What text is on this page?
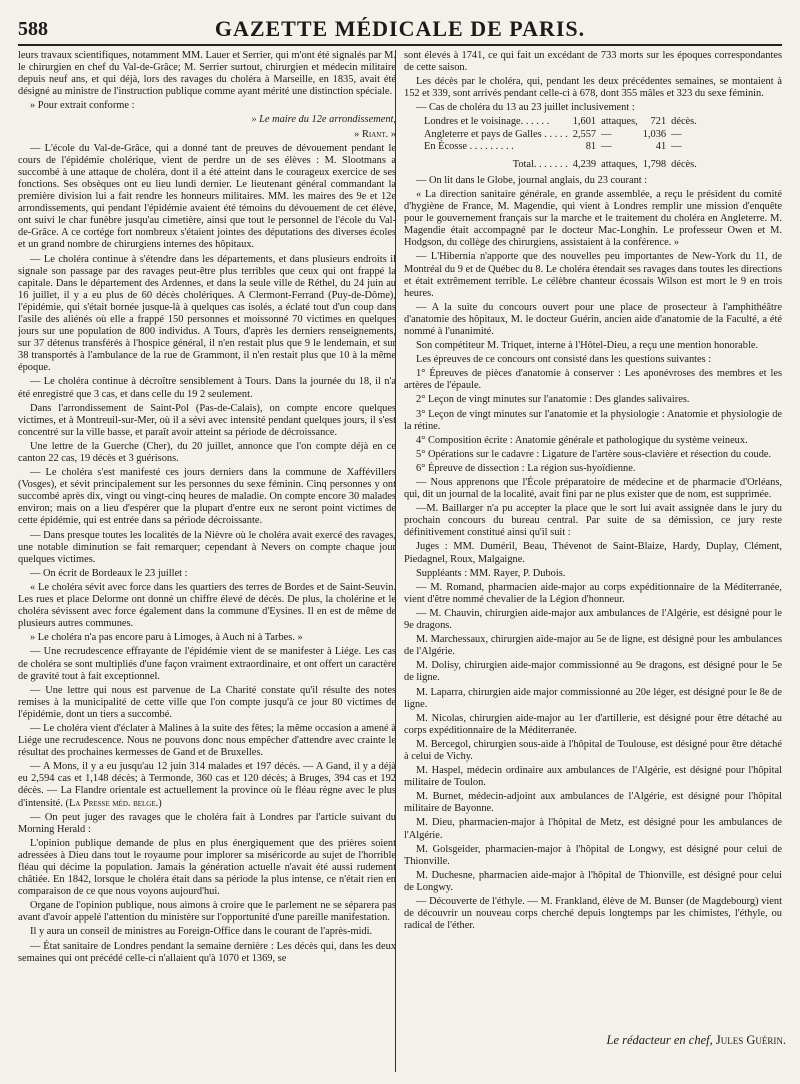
588	GAZETTE MÉDICALE DE PARIS.

leurs travaux scientifiques, notamment MM. Lauer et Serrier, qui m'ont été signalés par M. le chirurgien en chef du Val-de-Grâce; M. Serrier surtout, chirurgien et médecin militaire depuis neuf ans, et qui déjà, lors des ravages du choléra à Marseille, en 1835, avait été désigné au ministre de l'instruction publique comme ayant mérité une distinction spéciale.

» Pour extrait conforme :

» Le maire du 12e arrondissement,

» Riant. »

— L'école du Val-de-Grâce, qui a donné tant de preuves de dévouement pendant le cours de l'épidémie cholérique, vient de perdre un de ses élèves : M. Slootmans a succombé à une attaque de choléra, dont il a été atteint dans le courageux exercice de ses fonctions. Ses obsèques ont eu lieu lundi dernier. Le lieutenant général commandant la première division lui a fait rendre les honneurs militaires. MM. les maires des 9e et 12e arrondissements, qui pendant l'épidémie avaient été témoins du dévouement de cet élève, ont suivi le char funèbre jusqu'au cimetière, ainsi que tout le personnel de l'école du Val-de-Grâce. A ce cortége fort nombreux s'étaient jointes des députations des diverses écoles et un grand nombre de chirurgiens internes des hôpitaux.

— Le choléra continue à s'étendre dans les départements, et dans plusieurs endroits il signale son passage par des ravages peut-être plus terribles que ceux qui ont frappé la capitale. Dans le département des Ardennes, et dans la seule ville de Réthel, du 24 juin au 16 juillet, il y a eu plus de 60 décès cholériques. A Clermont-Ferrand (Puy-de-Dôme), l'épidémie, qui s'était bornée jusque-là à quelques cas isolés, a éclaté tout d'un coup dans l'asile des aliénés où elle a frappé 150 personnes et moissonné 70 victimes en quelques jours sur une population de 800 individus. A Tours, d'après les derniers renseignements, sur 37 détenus transférés à l'hospice général, il n'en restait plus que 9 le lendemain, et sur 38 transportés à l'ambulance de la rue de Grammont, il n'en restait plus que 10 à la même époque.

— Le choléra continue à décroître sensiblement à Tours. Dans la journée du 18, il n'a été enregistré que 3 cas, et dans celle du 19 2 seulement.

Dans l'arrondissement de Saint-Pol (Pas-de-Calais), on compte encore quelques victimes, et à Montreuil-sur-Mer, où il a sévi avec intensité pendant quelques jours, il s'est concentré sur la ville basse, et paraît avoir atteint sa période de décroissance.

Une lettre de la Guerche (Cher), du 20 juillet, annonce que l'on compte déjà en ce canton 22 cas, 19 décès et 3 guérisons.

— Le choléra s'est manifesté ces jours derniers dans la commune de Xaffévillers (Vosges), et sévit principalement sur les personnes du sexe féminin. Cinq personnes y ont succombé après dix, vingt ou vingt-cinq heures de maladie. On compte encore 30 malades environ; mais on a lieu d'espérer que la plupart d'entre eux ne seront point victimes de cette épidémie, qui est entrée dans sa période décroissante.

— Dans presque toutes les localités de la Nièvre où le choléra avait exercé des ravages, une notable diminution se fait remarquer; cependant à Nevers on compte chaque jour quelques victimes.

— On écrit de Bordeaux le 23 juillet :

« Le choléra sévit avec force dans les quartiers des terres de Bordes et de Saint-Seuvin. Les rues et place Delorme ont donné un chiffre élevé de décès. De plus, la cholérine et le choléra sévissent avec force également dans la commune d'Eysines. Il en est de même de plusieurs autres communes.

» Le choléra n'a pas encore paru à Limoges, à Auch ni à Tarbes. »

— Une recrudescence effrayante de l'épidémie vient de se manifester à Liége. Les cas de choléra se sont multipliés d'une façon vraiment extraordinaire, et ont offert un caractère de gravité tout à fait exceptionnel.

— Une lettre qui nous est parvenue de La Charité constate qu'il résulte des notes remises à la municipalité de cette ville que l'on compte jusqu'à ce jour 80 victimes de l'épidémie, dont un tiers a succombé.

— Le choléra vient d'éclater à Malines à la suite des fêtes; la même occasion a amené à Liége une recrudescence. Nous ne pouvons donc nous empêcher d'attendre avec crainte le résultat des prochaines kermesses de Gand et de Bruxelles.

— A Mons, il y a eu jusqu'au 12 juin 314 malades et 197 décès. — A Gand, il y a déjà eu 2,594 cas et 1,148 décès; à Termonde, 360 cas et 120 décès; à Bruges, 394 cas et 192 décès. — La Flandre orientale est actuellement la province où le fléau règne avec le plus d'intensité. (La Presse méd. belge.)

— On peut juger des ravages que le choléra fait à Londres par l'article suivant du Morning Herald :

L'opinion publique demande de plus en plus énergiquement que des prières soient adressées à Dieu dans tout le royaume pour implorer sa miséricorde au sujet de l'horrible fléau qui décime la population. Jamais la génération actuelle n'avait été aussi rudement châtiée. En 1842, lorsque le choléra était dans sa période la plus intense, ce n'était rien en comparaison de ce que nous voyons aujourd'hui.

Organe de l'opinion publique, nous aimons à croire que le parlement ne se séparera pas avant d'avoir appelé l'attention du ministère sur l'opportunité d'une pareille manifestation.

Il y aura un conseil de ministres au Foreign-Office dans le courant de l'après-midi.

— État sanitaire de Londres pendant la semaine dernière : Les décès qui, dans les deux semaines qui ont précédé celle-ci n'allaient qu'à 1070 et 1369, se

sont élevés à 1741, ce qui fait un excédant de 733 morts sur les époques correspondantes de cette saison.

Les décès par le choléra, qui, pendant les deux précédentes semaines, se montaient à 152 et 339, sont arrivés pendant celle-ci à 678, dont 355 mâles et 323 du sexe féminin.

— Cas de choléra du 13 au 23 juillet inclusivement :

Londres et le voisinage. . . . . .	1,601	attaques,	721	décès.
Angleterre et pays de Galles . . . . .	2,557	—	1,036	—
En Écosse . . . . . . . . .	81	—	41	—
Total. . . . . . .	4,239	attaques,	1,798	décès.

— On lit dans le Globe, journal anglais, du 23 courant :

« La direction sanitaire générale, en grande assemblée, a reçu le président du comité d'hygiène de France, M. Magendie, qui vient à Londres remplir une mission d'enquête pour le gouvernement français sur la marche et le traitement du choléra en Angleterre. M. Magendie était accompagné par le docteur Mac-Longhin. Le professeur Owen et M. Hodgson, du collège des chirurgiens, assistaient à la conférence. »

— L'Hibernia n'apporte que des nouvelles peu importantes de New-York du 11, de Montréal du 9 et de Québec du 8. Le choléra étendait ses ravages dans toutes les directions et était extrêmement terrible. Le célèbre chanteur écossais Wilson est mort le 9 en trois heures.

— A la suite du concours ouvert pour une place de prosecteur à l'amphithéâtre d'anatomie des hôpitaux, M. le docteur Guérin, ancien aide d'anatomie de la Faculté, a été nommé à l'unanimité.

Son compétiteur M. Triquet, interne à l'Hôtel-Dieu, a reçu une mention honorable.

Les épreuves de ce concours ont consisté dans les questions suivantes :

1° Épreuves de pièces d'anatomie à conserver : Les aponévroses des membres et les artères de l'épaule.

2° Leçon de vingt minutes sur l'anatomie : Des glandes salivaires.

3° Leçon de vingt minutes sur l'anatomie et la physiologie : Anatomie et physiologie de la rétine.

4° Composition écrite : Anatomie générale et pathologique du système veineux.

5° Opérations sur le cadavre : Ligature de l'artère sous-clavière et résection du coude.

6° Épreuve de dissection : La région sus-hyoïdienne.

— Nous apprenons que l'École préparatoire de médecine et de pharmacie d'Orléans, qui, dit un journal de la localité, avait fini par ne plus exister que de nom, est supprimée.

—M. Baillarger n'a pu accepter la place que le sort lui avait assignée dans le jury du prochain concours du bureau central. Par suite de sa démission, ce jury reste définitivement constitué ainsi qu'il suit :

Juges : MM. Duméril, Beau, Thévenot de Saint-Blaize, Hardy, Duplay, Clément, Piedagnel, Roux, Malgaigne.

Suppléants : MM. Rayer, P. Dubois.

— M. Romand, pharmacien aide-major au corps expéditionnaire de la Méditerranée, vient d'être nommé chevalier de la Légion d'honneur.

— M. Chauvin, chirurgien aide-major aux ambulances de l'Algérie, est désigné pour le 9e dragons.

M. Marchessaux, chirurgien aide-major au 5e de ligne, est désigné pour les ambulances de l'Algérie.

M. Dolisy, chirurgien aide-major commissionné au 9e dragons, est désigné pour le 5e de ligne.

M. Laparra, chirurgien aide major commissionné au 20e léger, est désigné pour le 8e de ligne.

M. Nicolas, chirurgien aide-major au 1er d'artillerie, est désigné pour être détaché au corps expéditionnaire de la Méditerranée.

M. Bercegol, chirurgien sous-aide à l'hôpital de Toulouse, est désigné pour être détaché à celui de Vichy.

M. Haspel, médecin ordinaire aux ambulances de l'Algérie, est désigné pour l'hôpital militaire de Toulon.

M. Burnet, médecin-adjoint aux ambulances de l'Algérie, est désigné pour l'hôpital militaire de Bayonne.

M. Dieu, pharmacien-major à l'hôpital de Metz, est désigné pour les ambulances de l'Algérie.

M. Golsgeider, pharmacien-major à l'hôpital de Longwy, est désigné pour celui de Thionville.

M. Duchesne, pharmacien aide-major à l'hôpital de Thionville, est désigné pour celui de Longwy.

— Découverte de l'éthyle. — M. Frankland, élève de M. Bunser (de Magdebourg) vient de découvrir un nouveau corps cherché depuis longtemps par les chimistes, l'éthyle, ou radical de l'éther.

Le rédacteur en chef, Jules Guérin.
